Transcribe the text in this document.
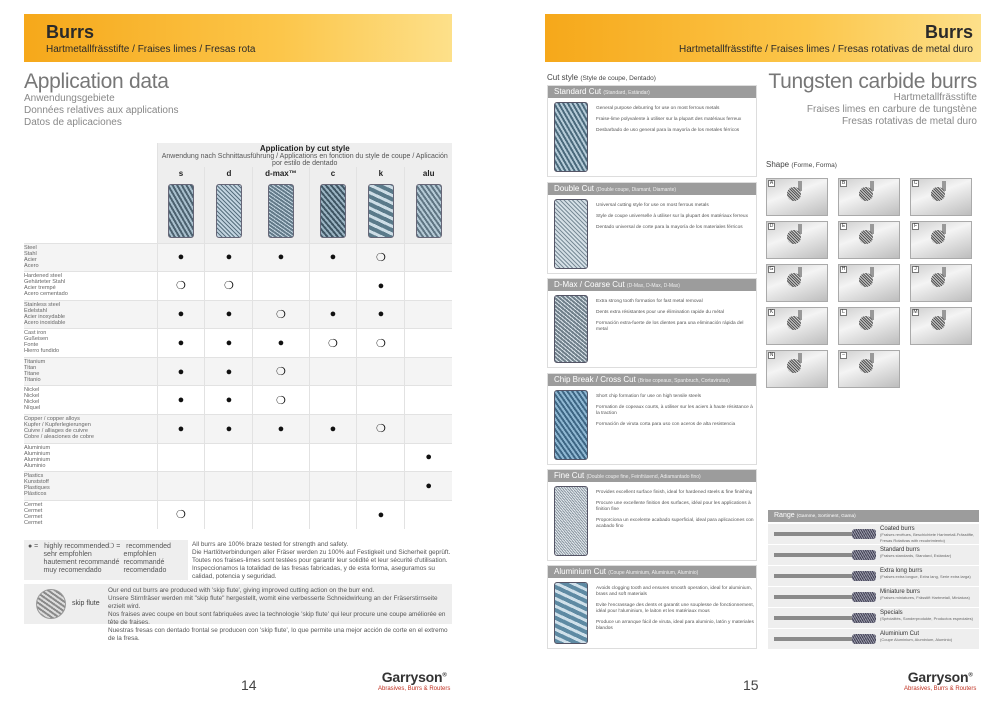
Burrs
Hartmetallfrässtifte / Fraises limes / Fresas rota
Application data
Anwendungsgebiete
Données relatives aux applications
Datos de aplicaciones
	Application by cut style					
	Anwendung nach Schnittausführung / Applications en fonction du style de coupe / Aplicación por estilo de dentado					
	s	d	d-max™	c	k	alu

Steel
Stahl
Acier
Acero	●	●	●	●	❍	
Hardened steel
Gehärteter Stahl
Acier trempé
Acero cementado	❍	❍			●	
Stainless steel
Edelstahl
Acier inoxydable
Acero inoxidable	●	●	❍	●	●	
Cast iron
Gußeisen
Fonte
Hierro fundido	●	●	●	❍	❍	
Titanium
Titan
Titane
Titanio	●	●	❍			
Nickel
Nickel
Nickel
Níquel	●	●	❍			
Copper / copper alloys
Kupfer / Kupferlegierungen
Cuivre / alliages de cuivre
Cobre / aleaciones de cobre	●	●	●	●	❍	
Aluminium
Aluminium
Aluminium
Aluminio						●
Plastics
Kunststoff
Plastiques
Plásticos						●
Cermet
Cermet
Cermet
Cermet	❍				●	
● =   highly recommended
sehr empfohlen
hautement recommandé
muy recomendado
❍ =   recommended
empfohlen
recommandé
recomendado
All burrs are 100% braze tested for strength and safety.
Die Hartlötverbindungen aller Fräser werden zu 100% auf Festigkeit und Sicherheit geprüft.
Toutes nos fraises-limes sont testées pour garantir leur solidité et leur sécurité d'utilisation.
Inspeccionamos la totalidad de las fresas fabricadas, y de esta forma, aseguramos su calidad, potencia y seguridad.
skip flute
Our end cut burrs are produced with 'skip flute', giving improved cutting action on the burr end.
Unsere Stirnfräser werden mit "skip flute" hergestellt, womit eine verbesserte Schneidwirkung an der Fräserstirnseite erzielt wird.
Nos fraises avec coupe en bout sont fabriquées avec la technologie 'skip flute' qui leur procure une coupe améliorée en tête de fraises.
Nuestras fresas con dentado frontal se producen con 'skip flute', lo que permite una mejor acción de corte en el extremo de la fresa.
14	Garryson®
Abrasives, Burrs & Routers
Burrs
Hartmetallfrässtifte / Fraises limes / Fresas rotativas de metal duro
Cut style (Style de coupe, Dentado)
Standard Cut (Standard, Estándar)

General purpose deburring for use on most ferrous metals

Fraise-lime polyvalente à utiliser sur la plupart des matériaux ferreux

Desbarbado de uso general para la mayoría de los metales férricos

Double Cut (Double coupe, Diamant, Diamante)

Universal cutting style for use on most ferrous metals

Style de coupe universelle à utiliser sur la plupart des matériaux ferreux

Dentado universal de corte para la mayoría de los materiales férricos

D-Max / Coarse Cut (D-Max, D-Max, D-Max)

Extra strong tooth formation for fast metal removal

Dents extra résistantes pour une élimination rapide du métal

Formación extra-fuerte de los dientes para una eliminación rápida del metal

Chip Break / Cross Cut (Brise copeaux, Spanbruch, Cortavirutas)

Short chip formation for use on high tensile steels

Formation de copeaux courts, à utiliser sur les aciers à haute résistance à la traction

Formación de viruta corta para uso con aceros de alta resistencia

Fine Cut (Double coupe fine, Feinfräsend, Adiamantado fino)

Provides excellent surface finish, ideal for hardened steels & fine finishing

Procure une excellente finition des surfaces, idéal pour les applications à finition fine

Proporciona un excelente acabado superficial, ideal para aplicaciones con acabado fino

Aluminium Cut (Coupe Aluminium, Aluminium, Aluminio)

Avoids clogging tooth and ensures smooth operation, ideal for aluminium, brass and soft materials

Evite l'encrassage des dents et garantit une souplesse de fonctionnement, idéal pour l'aluminium, le laiton et les matériaux mous

Produce un arranque fácil de viruta, ideal para aluminio, latón y materiales blandos

Tungsten carbide burrs
Hartmetallfrässtifte
Fraises limes en carbure de tungstène
Fresas rotativas de metal duro
Shape (Forme, Forma)
A	B	C
D	E	F
G	H	J
K	L	M
N	–
15	Garryson®
Abrasives, Burrs & Routers
Range (Gamme, Sortiment, Gama)
Coated burrs
(Fraises revêtues, Beschichtete Hartmetall-Frässtifte, Fresas Rotativas with recubrimiento)
Standard burrs
(Fraises standards, Standard, Estándar)
Extra long burrs
(Fraises extra longue, Extra lang, Serie extra larga)
Miniature burrs
(Fraises miniatures, Frässtift Hartmetall, Miniatura)
Specials
(Spécialités, Sonderprodukte, Productos especiales)
Aluminium Cut
(Coupe Aluminium, Aluminium, Aluminio)
